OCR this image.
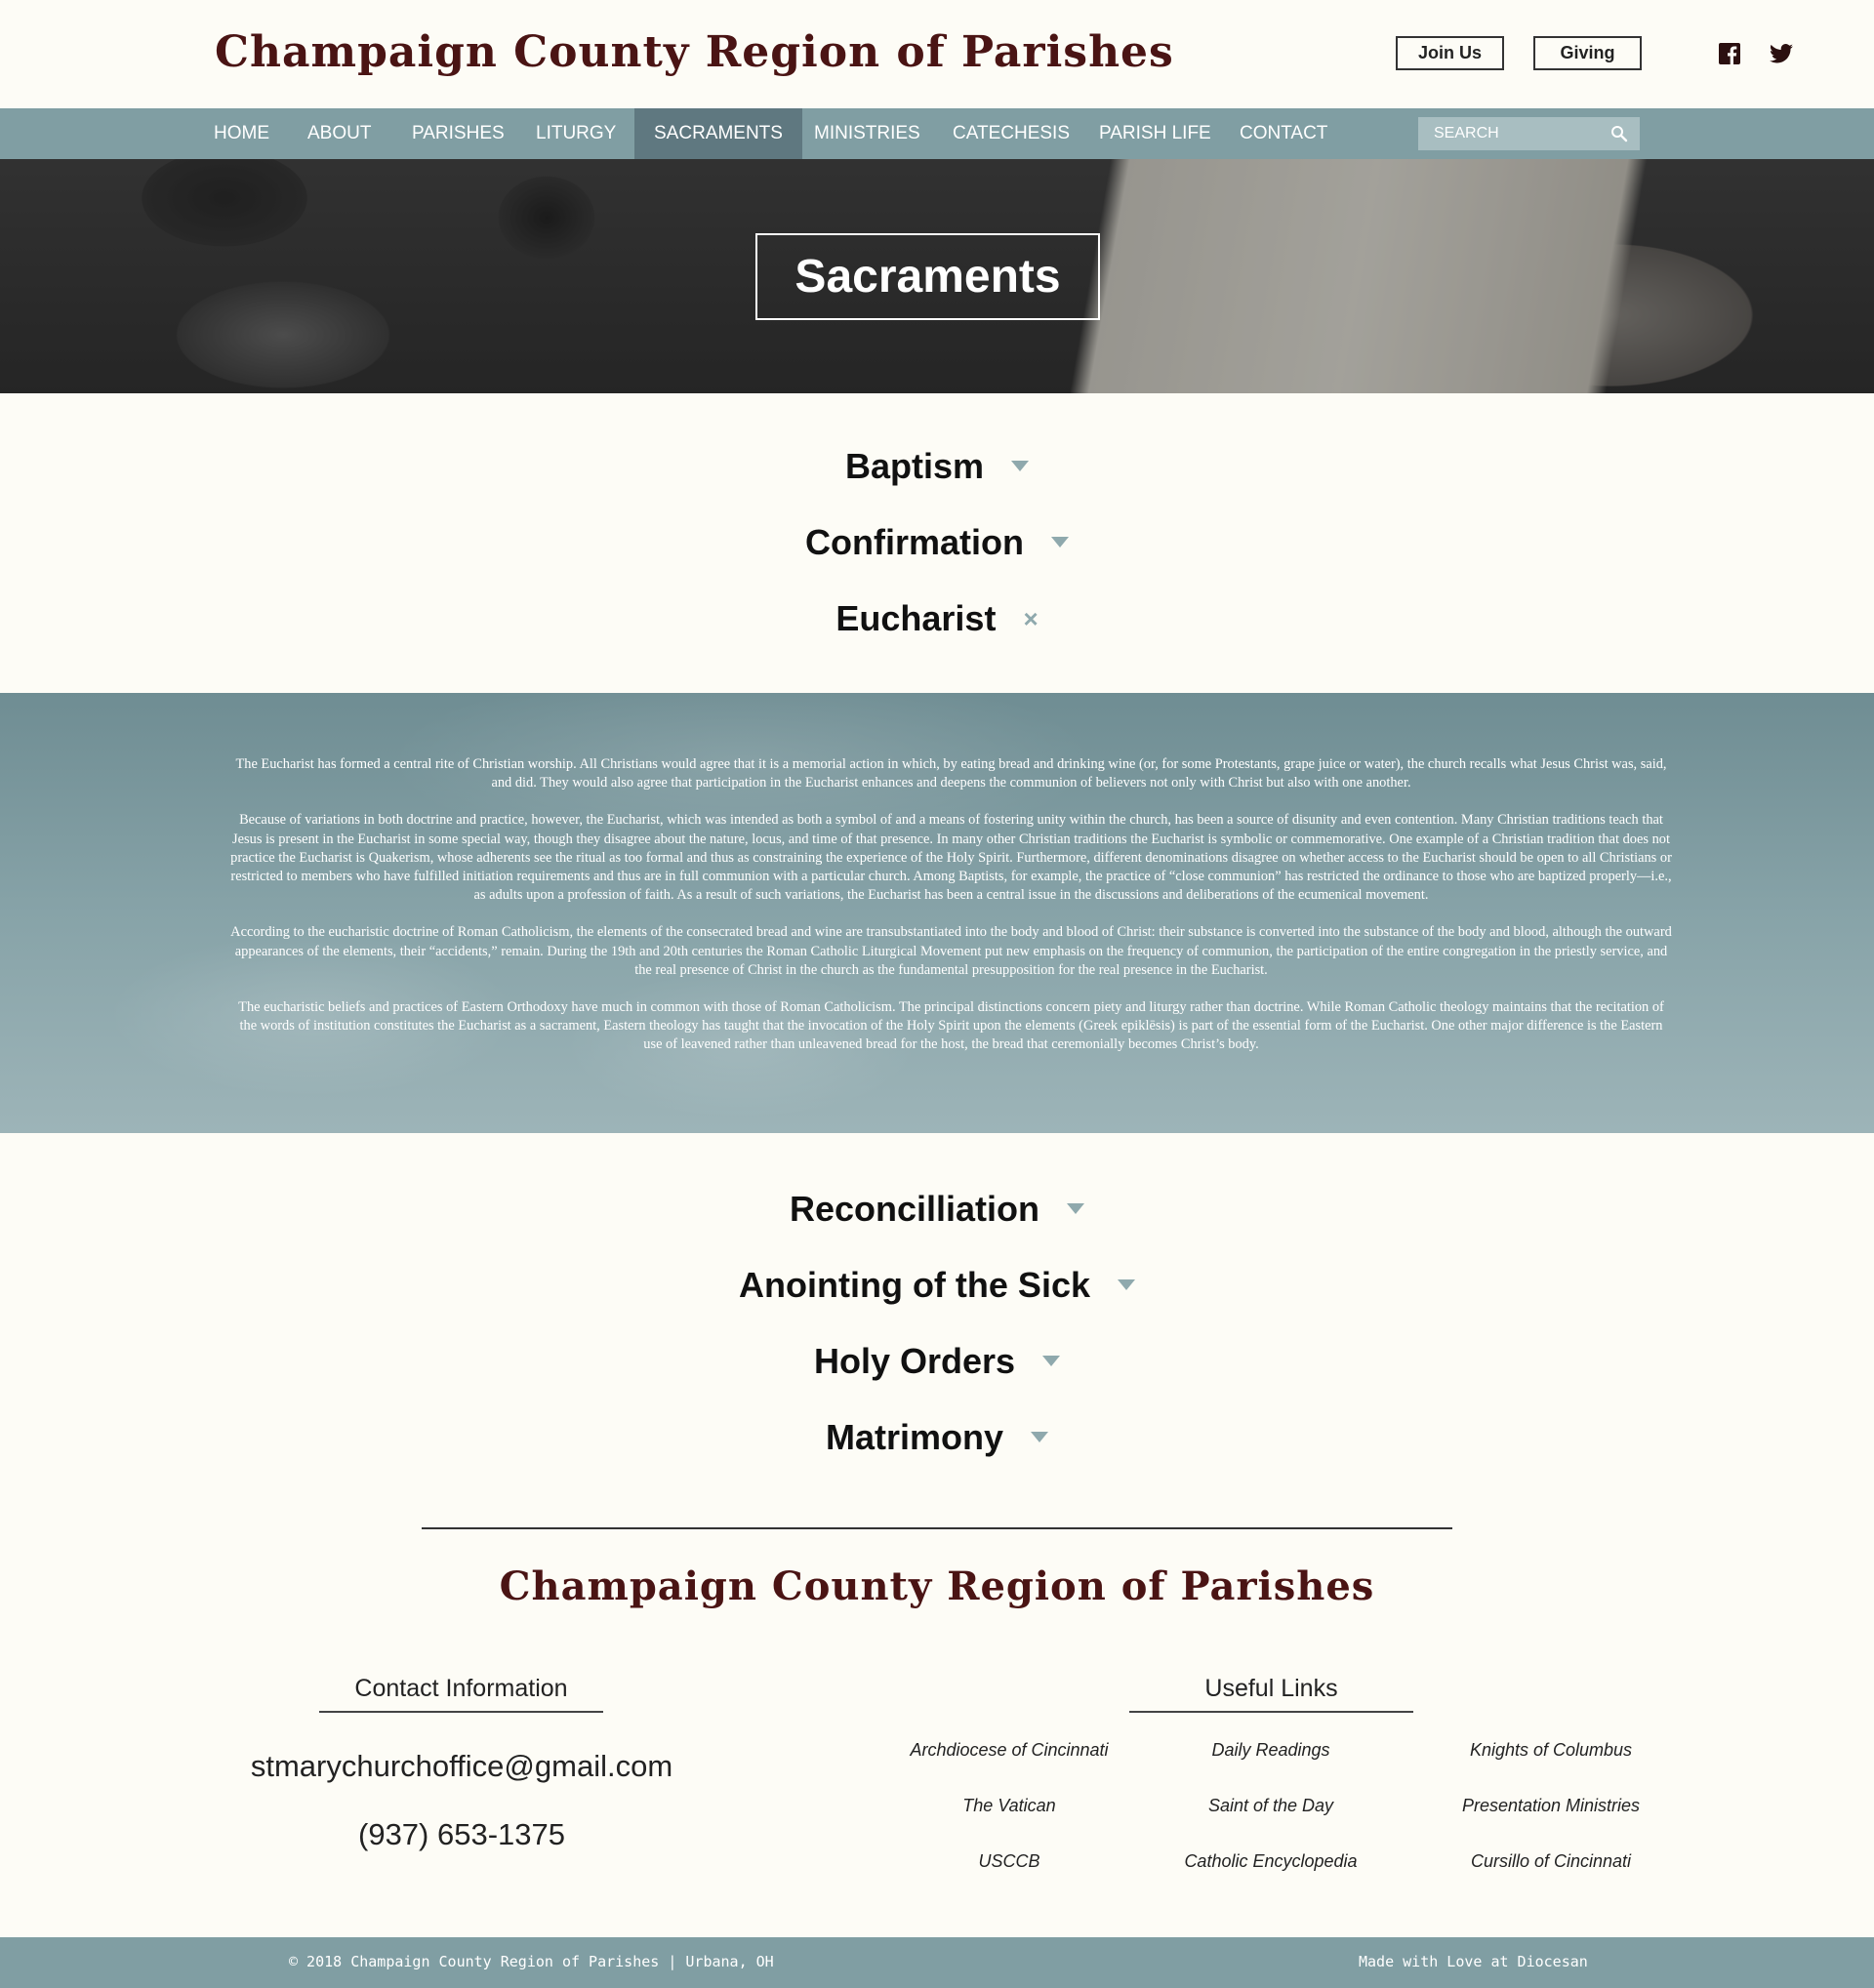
Champaign County Region of Parishes	Join Us	Giving
HOME ABOUT PARISHES LITURGY	SACRAMENTS	MINISTRIES CATECHESIS PARISH LIFE CONTACT
SEARCH
Sacraments
Baptism
Confirmation
Eucharist ×

The Eucharist has formed a central rite of Christian worship. All Christians would agree that it is a memorial action in which, by eating bread and drinking wine (or, for some Protestants, grape juice or water), the church recalls what Jesus Christ was, said, and did. They would also agree that participation in the Eucharist enhances and deepens the communion of believers not only with Christ but also with one another.

Because of variations in both doctrine and practice, however, the Eucharist, which was intended as both a symbol of and a means of fostering unity within the church, has been a source of disunity and even contention. Many Christian traditions teach that Jesus is present in the Eucharist in some special way, though they disagree about the nature, locus, and time of that presence. In many other Christian traditions the Eucharist is symbolic or commemorative. One example of a Christian tradition that does not practice the Eucharist is Quakerism, whose adherents see the ritual as too formal and thus as constraining the experience of the Holy Spirit. Furthermore, different denominations disagree on whether access to the Eucharist should be open to all Christians or restricted to members who have fulfilled initiation requirements and thus are in full communion with a particular church. Among Baptists, for example, the practice of “close communion” has restricted the ordinance to those who are baptized properly—i.e., as adults upon a profession of faith. As a result of such variations, the Eucharist has been a central issue in the discussions and deliberations of the ecumenical movement.

According to the eucharistic doctrine of Roman Catholicism, the elements of the consecrated bread and wine are transubstantiated into the body and blood of Christ: their substance is converted into the substance of the body and blood, although the outward appearances of the elements, their “accidents,” remain. During the 19th and 20th centuries the Roman Catholic Liturgical Movement put new emphasis on the frequency of communion, the participation of the entire congregation in the priestly service, and the real presence of Christ in the church as the fundamental presupposition for the real presence in the Eucharist.

The eucharistic beliefs and practices of Eastern Orthodoxy have much in common with those of Roman Catholicism. The principal distinctions concern piety and liturgy rather than doctrine. While Roman Catholic theology maintains that the recitation of the words of institution constitutes the Eucharist as a sacrament, Eastern theology has taught that the invocation of the Holy Spirit upon the elements (Greek epiklēsis) is part of the essential form of the Eucharist. One other major difference is the Eastern use of leavened rather than unleavened bread for the host, the bread that ceremonially becomes Christ’s body.

Reconcilliation
Anointing of the Sick
Holy Orders
Matrimony
Champaign County Region of Parishes
Contact Information
stmarychurchoffice@gmail.com
(937) 653-1375
Useful Links
Archdiocese of Cincinnati	Daily Readings	Knights of Columbus
The Vatican	Saint of the Day	Presentation Ministries
USCCB	Catholic Encyclopedia	Cursillo of Cincinnati
© 2018 Champaign County Region of Parishes | Urbana, OH	Made with Love at Diocesan
